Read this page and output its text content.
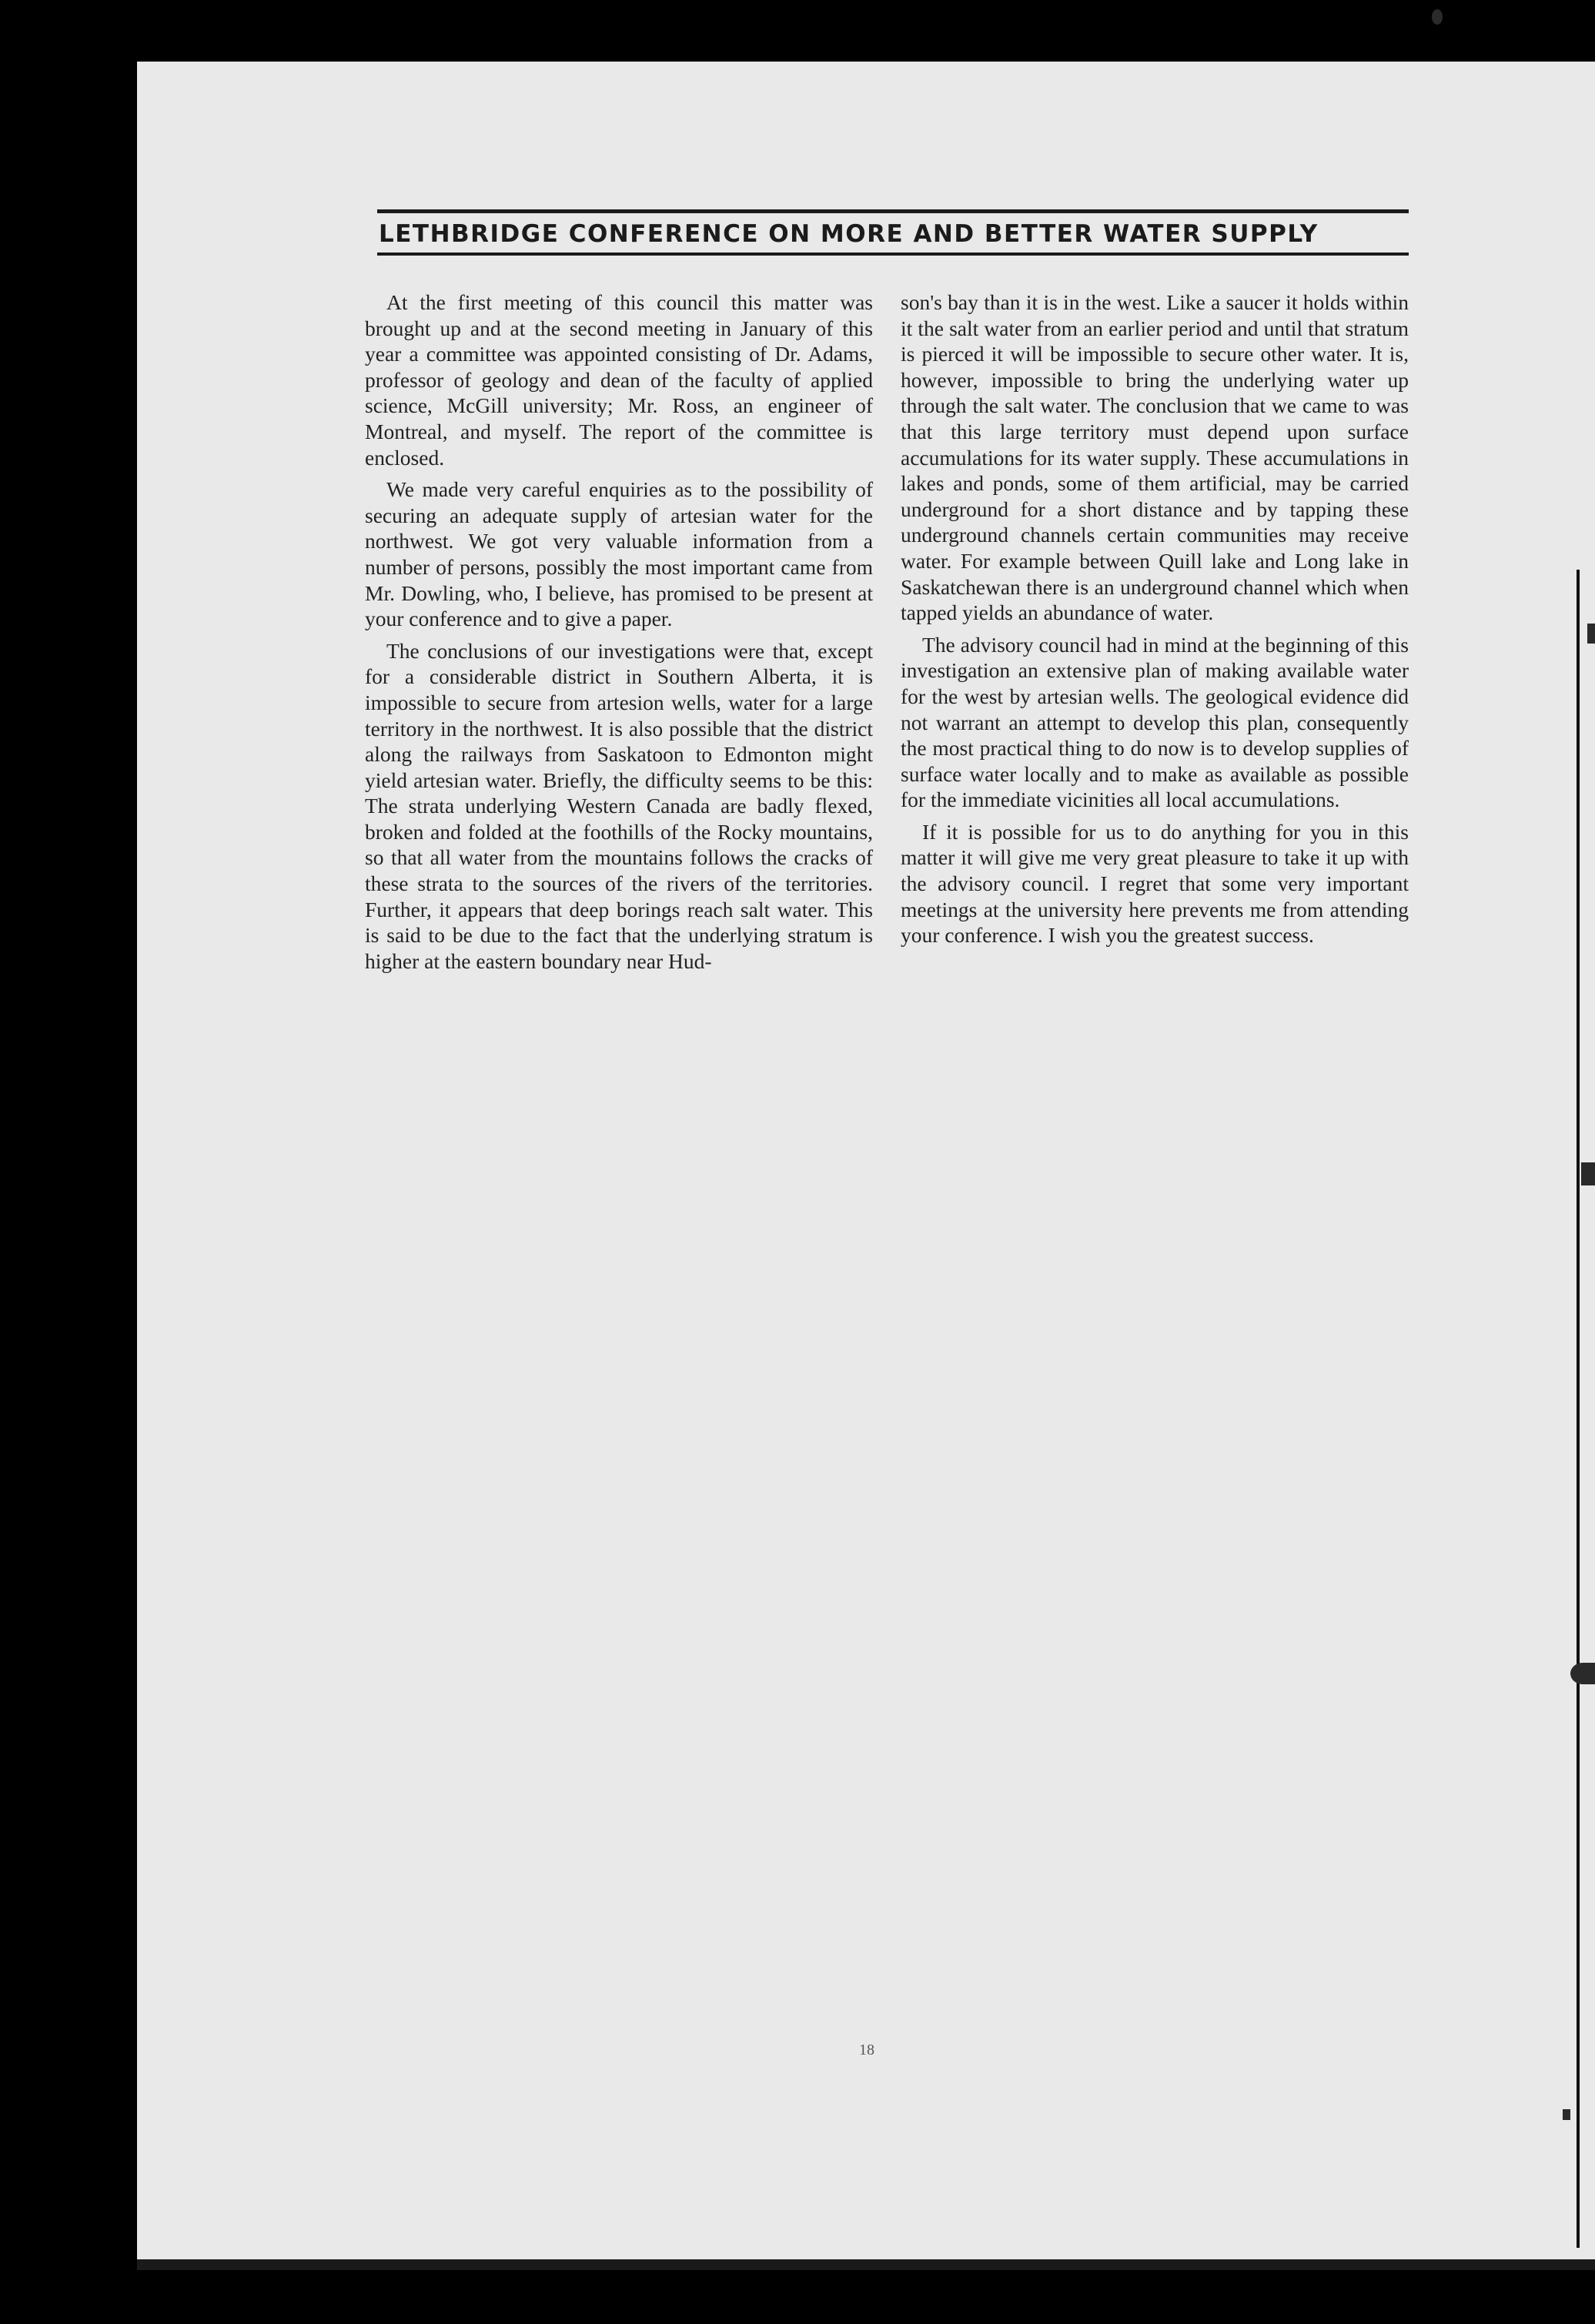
LETHBRIDGE CONFERENCE ON MORE AND BETTER WATER SUPPLY

At the first meeting of this council this matter was brought up and at the second meeting in January of this year a committee was appointed consisting of Dr. Adams, professor of geology and dean of the faculty of applied science, McGill university; Mr. Ross, an engineer of Montreal, and myself. The report of the committee is enclosed.

We made very careful enquiries as to the possibility of securing an adequate supply of artesian water for the northwest. We got very valuable information from a number of persons, possibly the most important came from Mr. Dowling, who, I believe, has promised to be present at your conference and to give a paper.

The conclusions of our investigations were that, except for a considerable district in Southern Alberta, it is impossible to secure from artesion wells, water for a large territory in the northwest. It is also possible that the district along the railways from Saskatoon to Edmonton might yield artesian water. Briefly, the difficulty seems to be this: The strata underlying Western Canada are badly flexed, broken and folded at the foothills of the Rocky mountains, so that all water from the mountains follows the cracks of these strata to the sources of the rivers of the territories. Further, it appears that deep borings reach salt water. This is said to be due to the fact that the underlying stratum is higher at the eastern boundary near Hud-

son's bay than it is in the west. Like a saucer it holds within it the salt water from an earlier period and until that stratum is pierced it will be impossible to secure other water. It is, however, impossible to bring the underlying water up through the salt water. The conclusion that we came to was that this large territory must depend upon surface accumulations for its water supply. These accumulations in lakes and ponds, some of them artificial, may be carried underground for a short distance and by tapping these underground channels certain communities may receive water. For example between Quill lake and Long lake in Saskatchewan there is an underground channel which when tapped yields an abundance of water.

The advisory council had in mind at the beginning of this investigation an extensive plan of making available water for the west by artesian wells. The geological evidence did not warrant an attempt to develop this plan, consequently the most practical thing to do now is to develop supplies of surface water locally and to make as available as possible for the immediate vicinities all local accumulations.

If it is possible for us to do anything for you in this matter it will give me very great pleasure to take it up with the advisory council. I regret that some very important meetings at the university here prevents me from attending your conference. I wish you the greatest success.

18
